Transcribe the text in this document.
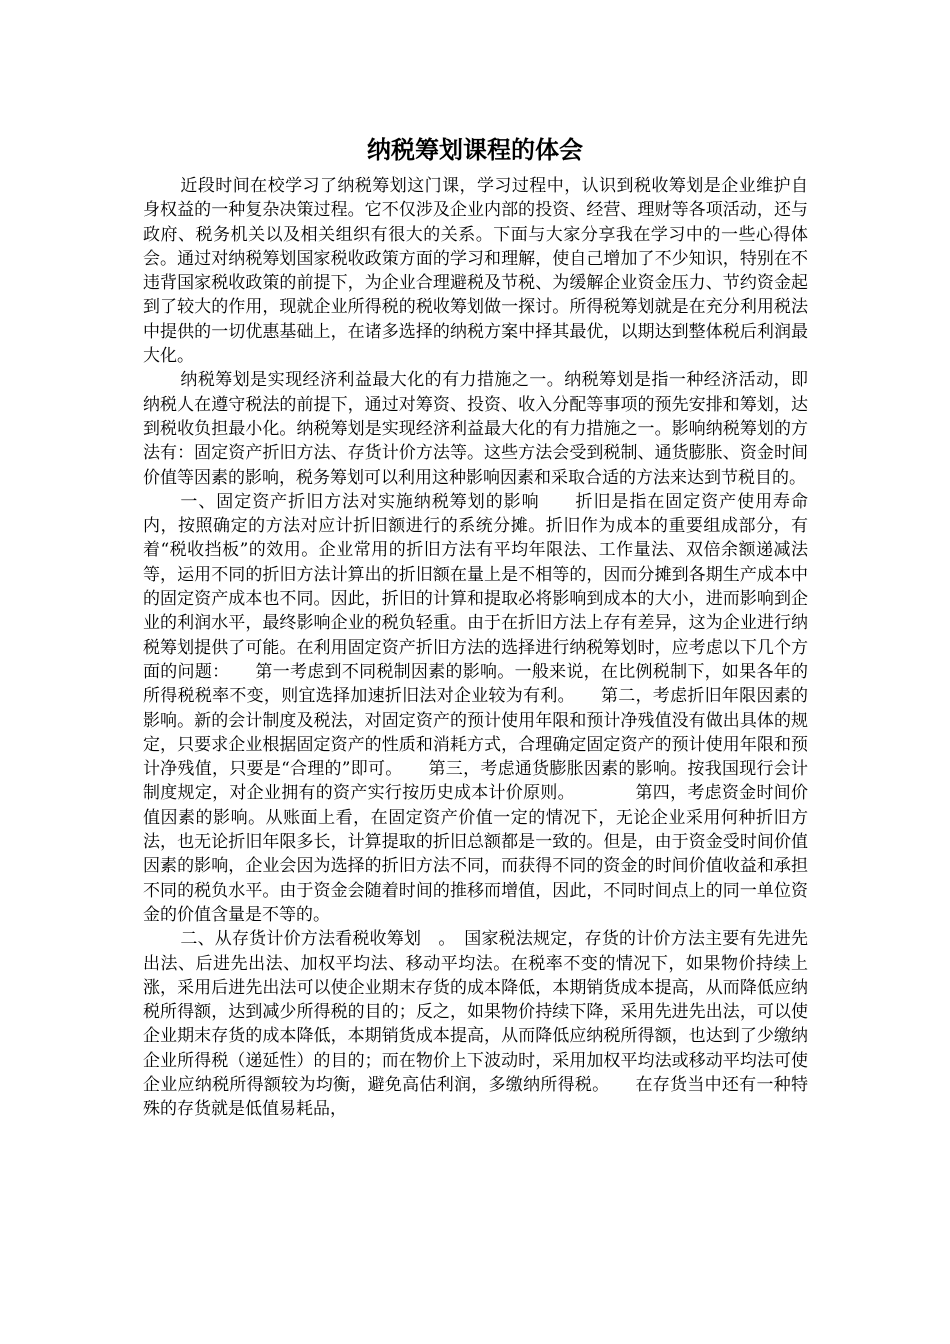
纳税筹划课程的体会

近段时间在校学习了纳税筹划这门课，学习过程中，认识到税收筹划是企业维护自身权益的一种复杂决策过程。它不仅涉及企业内部的投资、经营、理财等各项活动，还与政府、税务机关以及相关组织有很大的关系。下面与大家分享我在学习中的一些心得体会。通过对纳税筹划国家税收政策方面的学习和理解，使自己增加了不少知识，特别在不违背国家税收政策的前提下，为企业合理避税及节税、为缓解企业资金压力、节约资金起到了较大的作用，现就企业所得税的税收筹划做一探讨。所得税筹划就是在充分利用税法中提供的一切优惠基础上，在诸多选择的纳税方案中择其最优，以期达到整体税后利润最大化。

纳税筹划是实现经济利益最大化的有力措施之一。纳税筹划是指一种经济活动，即纳税人在遵守税法的前提下，通过对筹资、投资、收入分配等事项的预先安排和筹划，达到税收负担最小化。纳税筹划是实现经济利益最大化的有力措施之一。影响纳税筹划的方法有：固定资产折旧方法、存货计价方法等。这些方法会受到税制、通货膨胀、资金时间价值等因素的影响，税务筹划可以利用这种影响因素和采取合适的方法来达到节税目的。

一、固定资产折旧方法对实施纳税筹划的影响　　折旧是指在固定资产使用寿命内，按照确定的方法对应计折旧额进行的系统分摊。折旧作为成本的重要组成部分，有着“税收挡板”的效用。企业常用的折旧方法有平均年限法、工作量法、双倍余额递减法等，运用不同的折旧方法计算出的折旧额在量上是不相等的，因而分摊到各期生产成本中的固定资产成本也不同。因此，折旧的计算和提取必将影响到成本的大小，进而影响到企业的利润水平，最终影响企业的税负轻重。由于在折旧方法上存有差异，这为企业进行纳税筹划提供了可能。在利用固定资产折旧方法的选择进行纳税筹划时，应考虑以下几个方面的问题：　　第一考虑到不同税制因素的影响。一般来说，在比例税制下，如果各年的所得税税率不变，则宜选择加速折旧法对企业较为有利。　　第二，考虑折旧年限因素的影响。新的会计制度及税法，对固定资产的预计使用年限和预计净残值没有做出具体的规定，只要求企业根据固定资产的性质和消耗方式，合理确定固定资产的预计使用年限和预计净残值，只要是“合理的”即可。　　第三，考虑通货膨胀因素的影响。按我国现行会计制度规定，对企业拥有的资产实行按历史成本计价原则。　　　　第四，考虑资金时间价值因素的影响。从账面上看，在固定资产价值一定的情况下，无论企业采用何种折旧方法，也无论折旧年限多长，计算提取的折旧总额都是一致的。但是，由于资金受时间价值因素的影响，企业会因为选择的折旧方法不同，而获得不同的资金的时间价值收益和承担不同的税负水平。由于资金会随着时间的推移而增值，因此，不同时间点上的同一单位资金的价值含量是不等的。

二、从存货计价方法看税收筹划　。　国家税法规定，存货的计价方法主要有先进先出法、后进先出法、加权平均法、移动平均法。在税率不变的情况下，如果物价持续上涨，采用后进先出法可以使企业期末存货的成本降低，本期销货成本提高，从而降低应纳税所得额，达到减少所得税的目的；反之，如果物价持续下降，采用先进先出法，可以使企业期末存货的成本降低，本期销货成本提高，从而降低应纳税所得额，也达到了少缴纳企业所得税（递延性）的目的；而在物价上下波动时，采用加权平均法或移动平均法可使企业应纳税所得额较为均衡，避免高估利润，多缴纳所得税。　　在存货当中还有一种特殊的存货就是低值易耗品，
